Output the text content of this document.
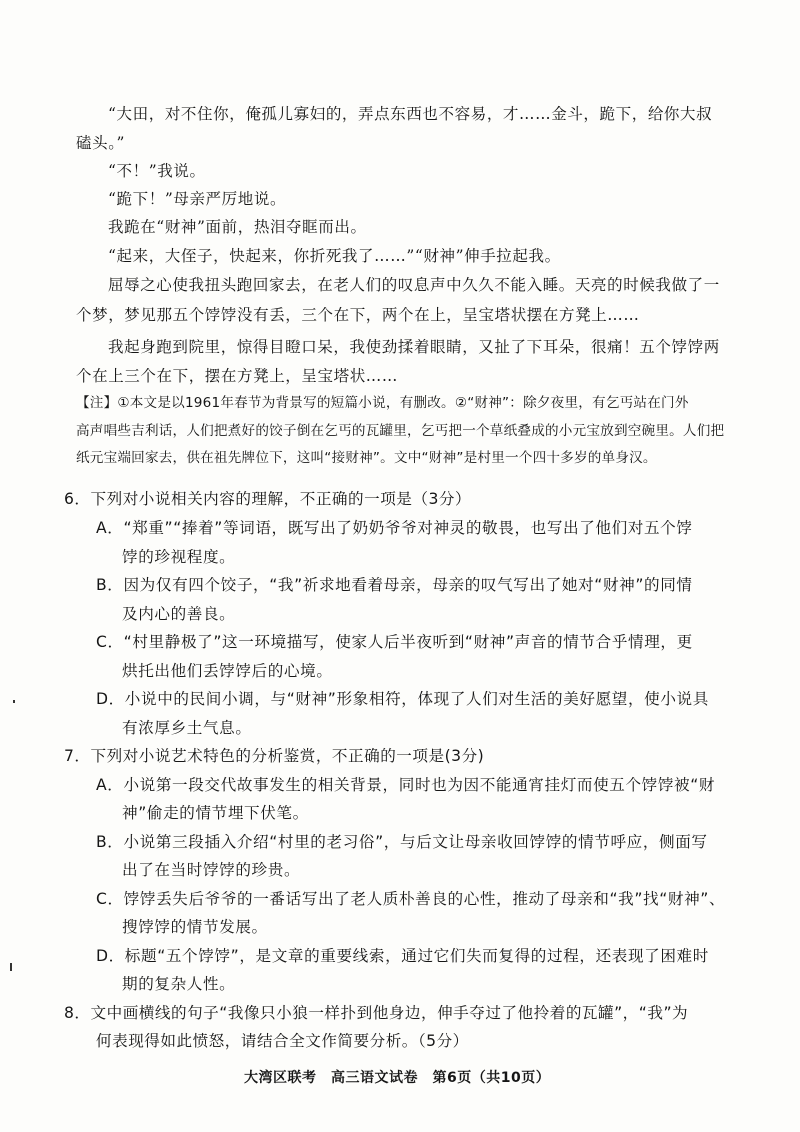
“大田，对不住你，俺孤儿寡妇的，弄点东西也不容易，才……金斗，跪下，给你大叔
磕头。”
“不！”我说。
“跪下！”母亲严厉地说。
我跪在“财神”面前，热泪夺眶而出。
“起来，大侄子，快起来，你折死我了……”“财神”伸手拉起我。
屈辱之心使我扭头跑回家去，在老人们的叹息声中久久不能入睡。天亮的时候我做了一
个梦，梦见那五个饽饽没有丢，三个在下，两个在上，呈宝塔状摆在方凳上……
我起身跑到院里，惊得目瞪口呆，我使劲揉着眼睛，又扯了下耳朵，很痛！五个饽饽两
个在上三个在下，摆在方凳上，呈宝塔状……
【注】①本文是以1961年春节为背景写的短篇小说，有删改。②“财神”：除夕夜里，有乞丐站在门外
高声唱些吉利话，人们把煮好的饺子倒在乞丐的瓦罐里，乞丐把一个草纸叠成的小元宝放到空碗里。人们把
纸元宝端回家去，供在祖先牌位下，这叫“接财神”。文中“财神”是村里一个四十多岁的单身汉。
6．下列对小说相关内容的理解，不正确的一项是（3分）
A．“郑重”“捧着”等词语，既写出了奶奶爷爷对神灵的敬畏，也写出了他们对五个饽
饽的珍视程度。
B．因为仅有四个饺子，“我”祈求地看着母亲，母亲的叹气写出了她对“财神”的同情
及内心的善良。
C．“村里静极了”这一环境描写，使家人后半夜听到“财神”声音的情节合乎情理，更
烘托出他们丢饽饽后的心境。
D．小说中的民间小调，与“财神”形象相符，体现了人们对生活的美好愿望，使小说具
有浓厚乡土气息。
7．下列对小说艺术特色的分析鉴赏，不正确的一项是(3分)
A．小说第一段交代故事发生的相关背景，同时也为因不能通宵挂灯而使五个饽饽被“财
神”偷走的情节埋下伏笔。
B．小说第三段插入介绍“村里的老习俗”，与后文让母亲收回饽饽的情节呼应，侧面写
出了在当时饽饽的珍贵。
C．饽饽丢失后爷爷的一番话写出了老人质朴善良的心性，推动了母亲和“我”找“财神”、
搜饽饽的情节发展。
D．标题“五个饽饽”，是文章的重要线索，通过它们失而复得的过程，还表现了困难时
期的复杂人性。
8．文中画横线的句子“我像只小狼一样扑到他身边，伸手夺过了他拎着的瓦罐”，“我”为
何表现得如此愤怒，请结合全文作简要分析。（5分）
大湾区联考　高三语文试卷　第6页（共10页）
